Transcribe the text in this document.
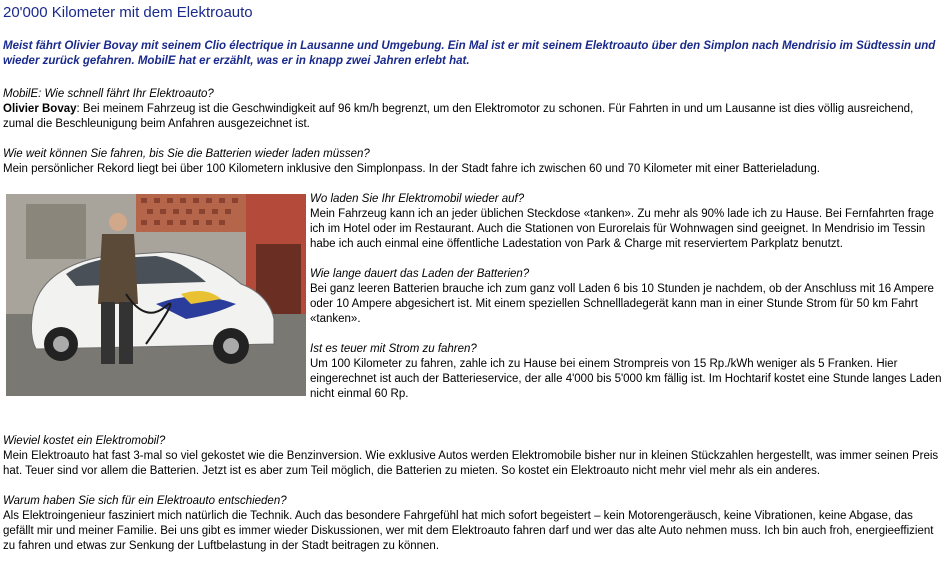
20'000 Kilometer mit dem Elektroauto

Meist fährt Olivier Bovay mit seinem Clio électrique in Lausanne und Umgebung. Ein Mal ist er mit seinem Elektroauto über den Simplon nach Mendrisio im Südtessin und wieder zurück gefahren. MobilE hat er erzählt, was er in knapp zwei Jahren erlebt hat.

MobilE: Wie schnell fährt Ihr Elektroauto?
Olivier Bovay: Bei meinem Fahrzeug ist die Geschwindigkeit auf 96 km/h begrenzt, um den Elektromotor zu schonen. Für Fahrten in und um Lausanne ist dies völlig ausreichend, zumal die Beschleunigung beim Anfahren ausgezeichnet ist.
Wie weit können Sie fahren, bis Sie die Batterien wieder laden müssen?
Mein persönlicher Rekord liegt bei über 100 Kilometern inklusive den Simplonpass. In der Stadt fahre ich zwischen 60 und 70 Kilometer mit einer Batterieladung.
Wo laden Sie Ihr Elektromobil wieder auf?
Mein Fahrzeug kann ich an jeder üblichen Steckdose «tanken». Zu mehr als 90% lade ich zu Hause. Bei Fernfahrten frage ich im Hotel oder im Restaurant. Auch die Stationen von Eurorelais für Wohnwagen sind geeignet. In Mendrisio im Tessin habe ich auch einmal eine öffentliche Ladestation von Park & Charge mit reserviertem Parkplatz benutzt.
Wie lange dauert das Laden der Batterien?
Bei ganz leeren Batterien brauche ich zum ganz voll Laden 6 bis 10 Stunden je nachdem, ob der Anschluss mit 16 Ampere oder 10 Ampere abgesichert ist. Mit einem speziellen Schnellladegerät kann man in einer Stunde Strom für 50 km Fahrt «tanken».
Ist es teuer mit Strom zu fahren?
Um 100 Kilometer zu fahren, zahle ich zu Hause bei einem Strompreis von 15 Rp./kWh weniger als 5 Franken. Hier eingerechnet ist auch der Batterieservice, der alle 4'000 bis 5'000 km fällig ist. Im Hochtarif kostet eine Stunde langes Laden nicht einmal 60 Rp.
Wieviel kostet ein Elektromobil?
Mein Elektroauto hat fast 3-mal so viel gekostet wie die Benzinversion. Wie exklusive Autos werden Elektromobile bisher nur in kleinen Stückzahlen hergestellt, was immer seinen Preis hat. Teuer sind vor allem die Batterien. Jetzt ist es aber zum Teil möglich, die Batterien zu mieten. So kostet ein Elektroauto nicht mehr viel mehr als ein anderes.
Warum haben Sie sich für ein Elektroauto entschieden?
Als Elektroingenieur fasziniert mich natürlich die Technik. Auch das besondere Fahrgefühl hat mich sofort begeistert – kein Motorengeräusch, keine Vibrationen, keine Abgase, das gefällt mir und meiner Familie. Bei uns gibt es immer wieder Diskussionen, wer mit dem Elektroauto fahren darf und wer das alte Auto nehmen muss. Ich bin auch froh, energieeffizient zu fahren und etwas zur Senkung der Luftbelastung in der Stadt beitragen zu können.
